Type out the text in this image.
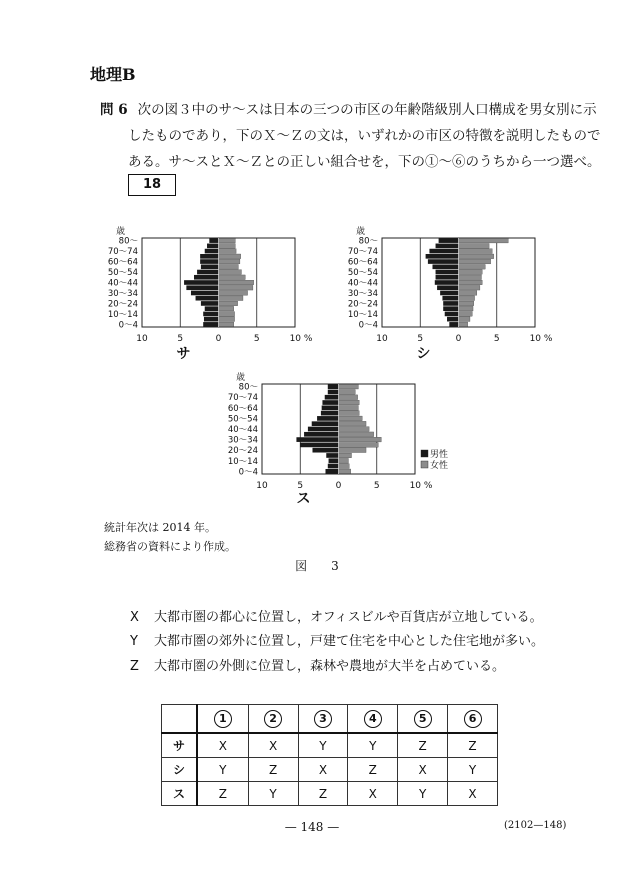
地理B
問 6 次の図３中のサ～スは日本の三つの市区の年齢階級別人口構成を男女別に示
したものであり，下のＸ～Ｚの文は，いずれかの市区の特徴を説明したもので
ある。サ～スとＸ～Ｚとの正しい組合せを，下の①～⑥のうちから一つ選べ。
18
80～
70～74
60～64
50～54
40～44
30～34
20～24
10～14
0～4
歳
10	5	0	5	10 %
サ
80～
70～74
60～64
50～54
40～44
30～34
20～24
10～14
0～4
歳
10	5	0	5	10 %
シ
80～
70～74
60～64
50～54
40～44
30～34
20～24
10～14
0～4
歳
10	5	0	5	10 %
ス
男性
女性
統計年次は 2014 年。
総務省の資料により作成。
図　3
X 大都市圏の都心に位置し，オフィスビルや百貨店が立地している。
Y 大都市圏の郊外に位置し，戸建て住宅を中心とした住宅地が多い。
Z 大都市圏の外側に位置し，森林や農地が大半を占めている。
	1	2	3	4	5	6
サ	X	X	Y	Y	Z	Z
シ	Y	Z	X	Z	X	Y
ス	Z	Y	Z	X	Y	X
— 148 —	(2102—148)
